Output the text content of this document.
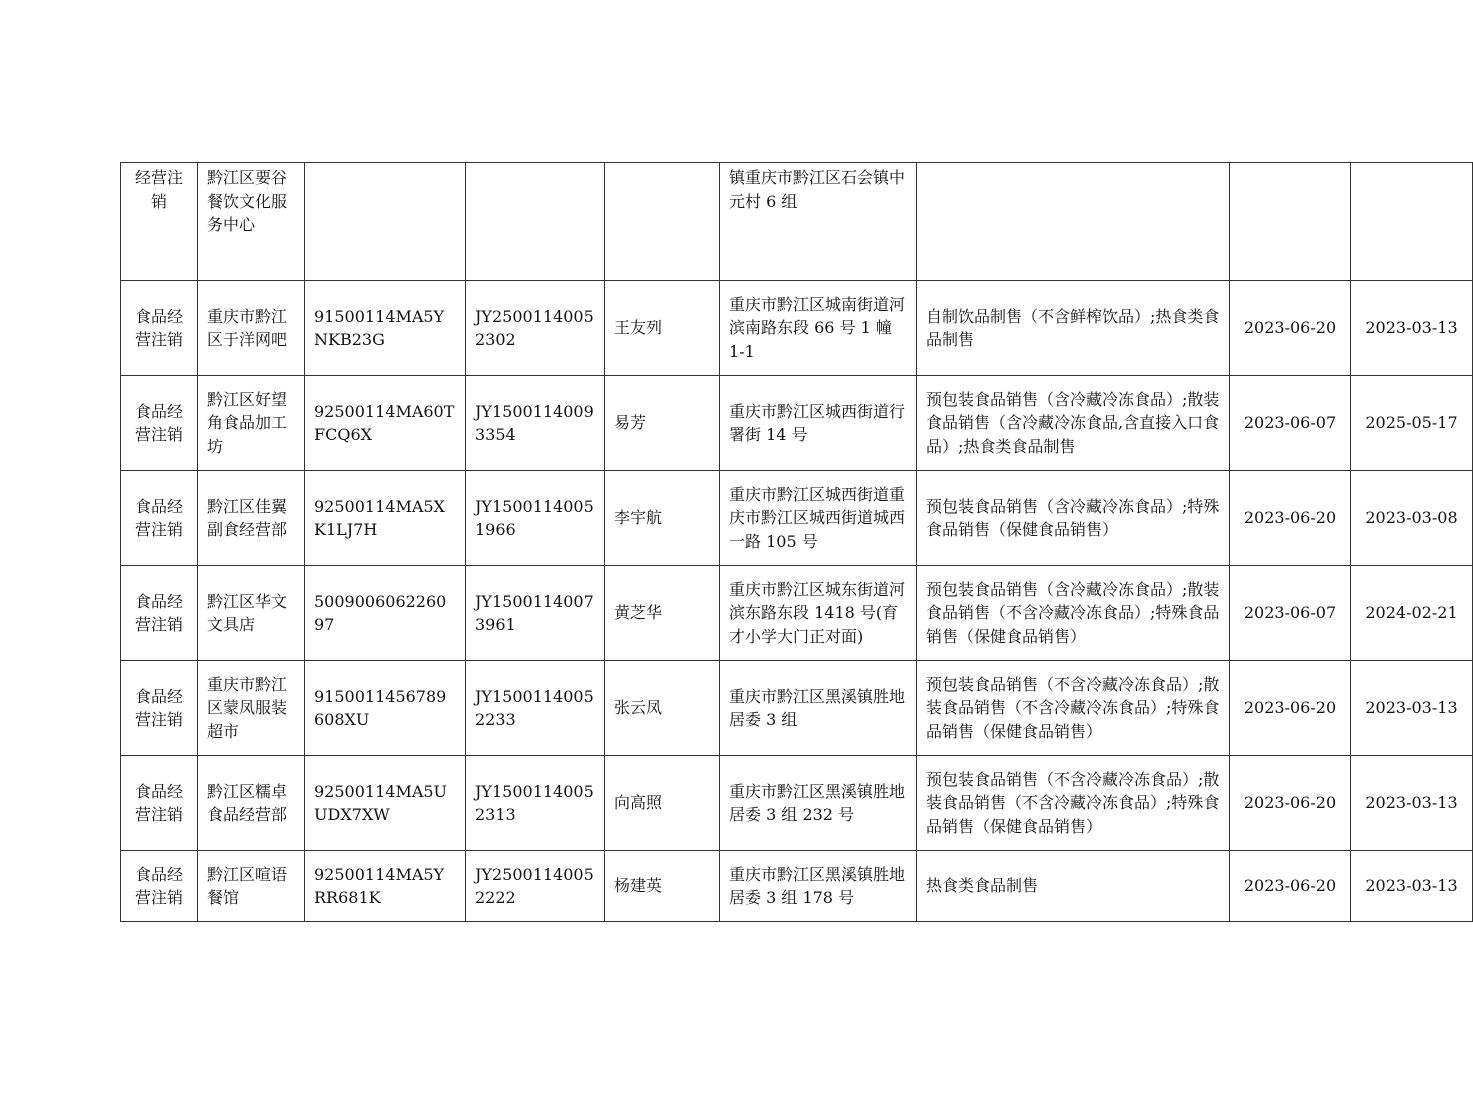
经营注销	黔江区要谷餐饮文化服务中心				镇重庆市黔江区石会镇中元村 6 组			
食品经营注销	重庆市黔江区于洋网吧	91500114MA5YNKB23G	JY25001140052302	王友列	重庆市黔江区城南街道河滨南路东段 66 号 1 幢 1-1	自制饮品制售（不含鲜榨饮品）;热食类食品制售	2023-06-20	2023-03-13
食品经营注销	黔江区好望角食品加工坊	92500114MA60TFCQ6X	JY15001140093354	易芳	重庆市黔江区城西街道行署街 14 号	预包装食品销售（含冷藏冷冻食品）;散装食品销售（含冷藏冷冻食品,含直接入口食品）;热食类食品制售	2023-06-07	2025-05-17
食品经营注销	黔江区佳翼副食经营部	92500114MA5XK1LJ7H	JY15001140051966	李宇航	重庆市黔江区城西街道重庆市黔江区城西街道城西一路 105 号	预包装食品销售（含冷藏冷冻食品）;特殊食品销售（保健食品销售）	2023-06-20	2023-03-08
食品经营注销	黔江区华文文具店	500900606226097	JY15001140073961	黄芝华	重庆市黔江区城东街道河滨东路东段 1418 号(育才小学大门正对面)	预包装食品销售（含冷藏冷冻食品）;散装食品销售（不含冷藏冷冻食品）;特殊食品销售（保健食品销售）	2023-06-07	2024-02-21
食品经营注销	重庆市黔江区蒙凤服装超市	9150011456789608XU	JY15001140052233	张云凤	重庆市黔江区黑溪镇胜地居委 3 组	预包装食品销售（不含冷藏冷冻食品）;散装食品销售（不含冷藏冷冻食品）;特殊食品销售（保健食品销售）	2023-06-20	2023-03-13
食品经营注销	黔江区糯卓食品经营部	92500114MA5UUDX7XW	JY15001140052313	向高照	重庆市黔江区黑溪镇胜地居委 3 组 232 号	预包装食品销售（不含冷藏冷冻食品）;散装食品销售（不含冷藏冷冻食品）;特殊食品销售（保健食品销售）	2023-06-20	2023-03-13
食品经营注销	黔江区喧语餐馆	92500114MA5YRR681K	JY25001140052222	杨建英	重庆市黔江区黑溪镇胜地居委 3 组 178 号	热食类食品制售	2023-06-20	2023-03-13
